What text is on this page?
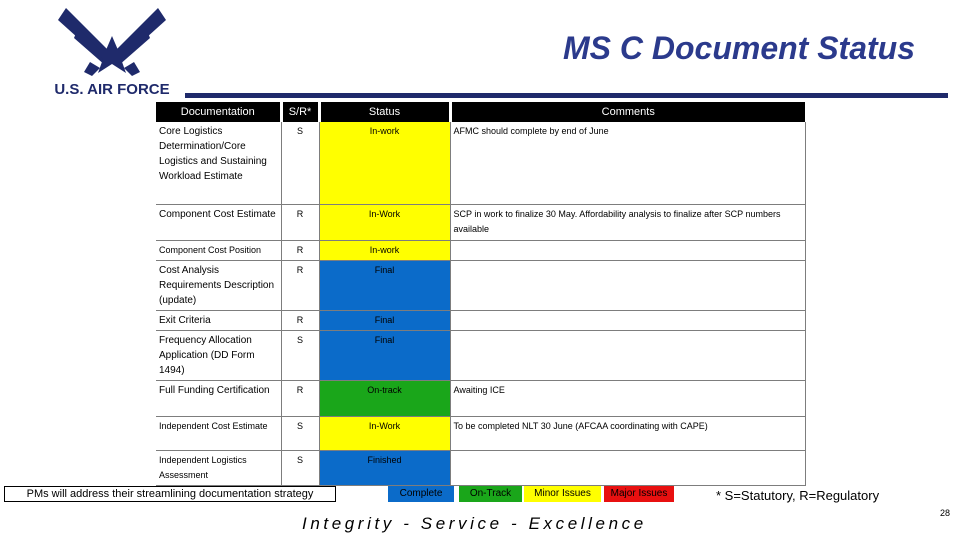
U.S. AIR FORCE
MS C Document Status
Documentation	S/R*	Status	Comments
Core Logistics Determination/Core Logistics and Sustaining Workload Estimate	S	In-work	AFMC should complete by end of June
Component Cost Estimate	R	In-Work	SCP in work to finalize 30 May. Affordability analysis to finalize after SCP numbers available
Component Cost Position	R	In-work	
Cost Analysis Requirements Description (update)	R	Final	
Exit Criteria	R	Final	
Frequency Allocation Application (DD Form 1494)	S	Final	
Full Funding Certification	R	On-track	Awaiting ICE
Independent Cost Estimate	S	In-Work	To be completed NLT 30 June (AFCAA coordinating with CAPE)
Independent Logistics Assessment	S	Finished	
PMs will address their streamlining documentation strategy	Complete	On-Track	Minor Issues	Major Issues	* S=Statutory, R=Regulatory
Integrity - Service - Excellence
28
